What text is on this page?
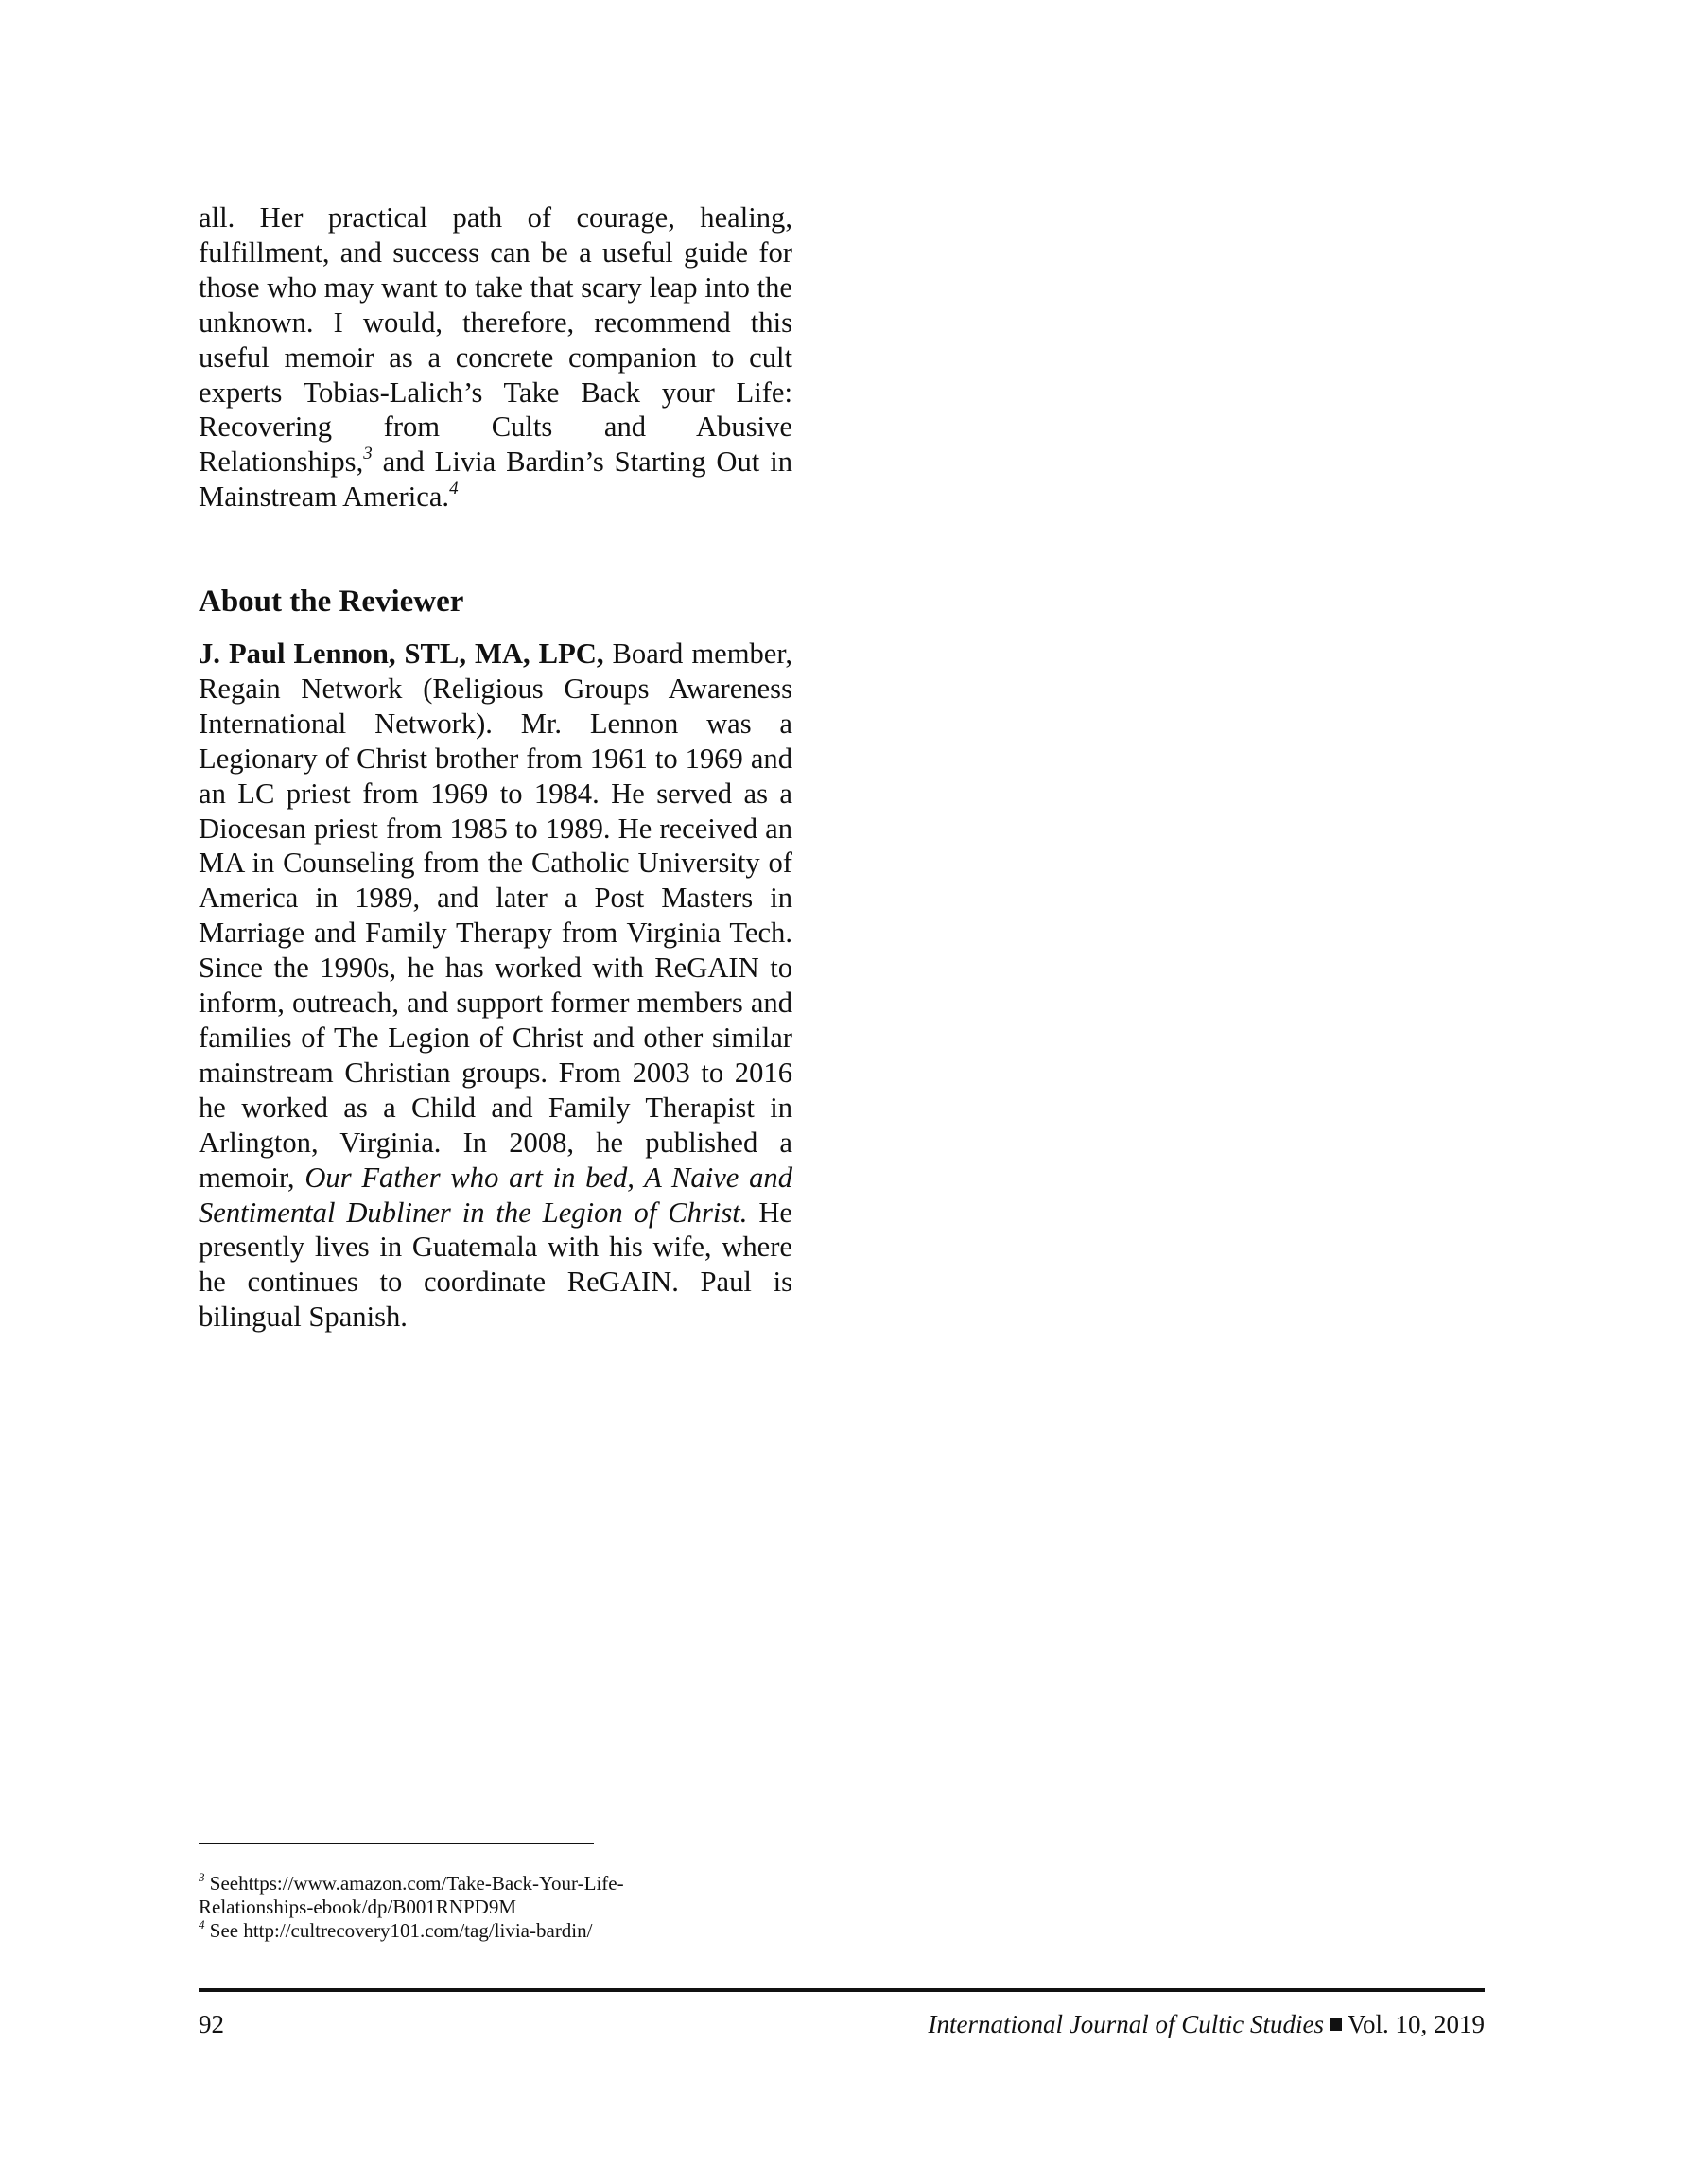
all. Her practical path of courage, healing, fulfillment, and success can be a useful guide for those who may want to take that scary leap into the unknown. I would, therefore, recommend this useful memoir as a concrete companion to cult experts Tobias-Lalich’s Take Back your Life: Recovering from Cults and Abusive Relationships,$^3$ and Livia Bardin’s Starting Out in Mainstream America.$^4$

About the Reviewer

J. Paul Lennon, STL, MA, LPC, Board member, Regain Network (Religious Groups Awareness International Network). Mr. Lennon was a Legionary of Christ brother from 1961 to 1969 and an LC priest from 1969 to 1984. He served as a Diocesan priest from 1985 to 1989. He received an MA in Counseling from the Catholic University of America in 1989, and later a Post Masters in Marriage and Family Therapy from Virginia Tech. Since the 1990s, he has worked with ReGAIN to inform, outreach, and support former members and families of The Legion of Christ and other similar mainstream Christian groups. From 2003 to 2016 he worked as a Child and Family Therapist in Arlington, Virginia. In 2008, he published a memoir, Our Father who art in bed, A Naive and Sentimental Dubliner in the Legion of Christ. He presently lives in Guatemala with his wife, where he continues to coordinate ReGAIN. Paul is bilingual Spanish.

$^3$ Seehttps://www.amazon.com/Take-Back-Your-Life-
Relationships-ebook/dp/B001RNPD9M
$^4$ See http://cultrecovery101.com/tag/livia-bardin/
92	International Journal of Cultic Studies Vol. 10, 2019
